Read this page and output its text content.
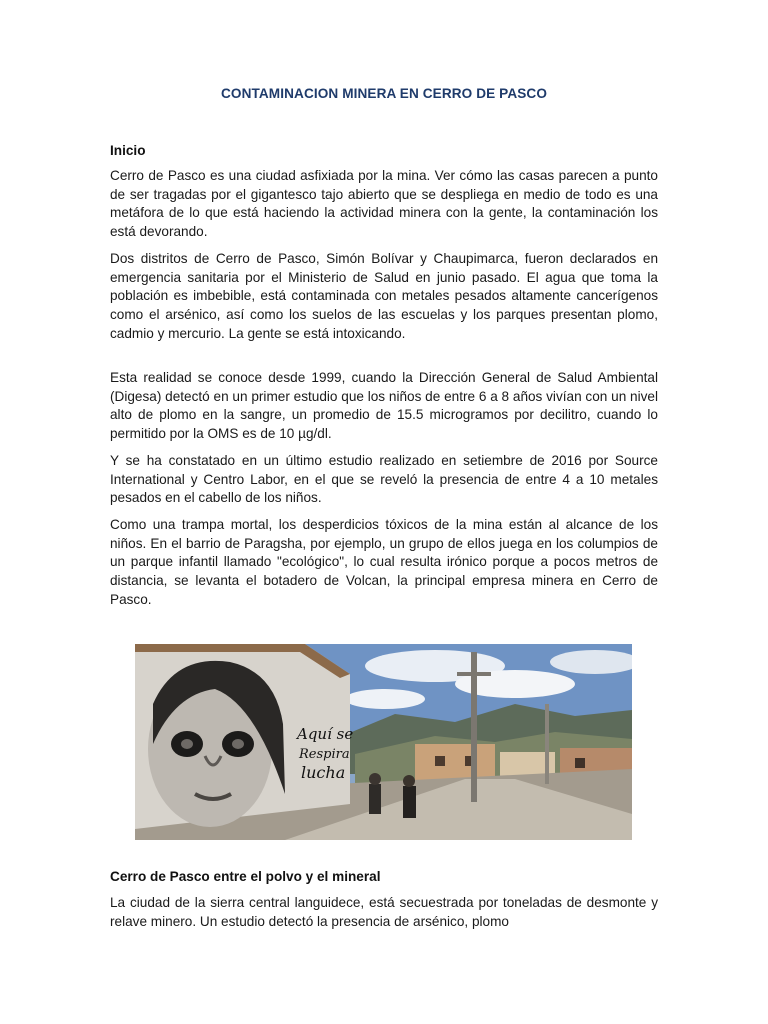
CONTAMINACION MINERA EN CERRO DE PASCO
Inicio
Cerro de Pasco es una ciudad asfixiada por la mina. Ver cómo las casas parecen a punto de ser tragadas por el gigantesco tajo abierto que se despliega en medio de todo es una metáfora de lo que está haciendo la actividad minera con la gente, la contaminación los está devorando.
Dos distritos de Cerro de Pasco, Simón Bolívar y Chaupimarca, fueron declarados en emergencia sanitaria por el Ministerio de Salud en junio pasado. El agua que toma la población es imbebible, está contaminada con metales pesados altamente cancerígenos como el arsénico, así como los suelos de las escuelas y los parques presentan plomo, cadmio y mercurio. La gente se está intoxicando.
Esta realidad se conoce desde 1999, cuando la Dirección General de Salud Ambiental (Digesa) detectó en un primer estudio que los niños de entre 6 a 8 años vivían con un nivel alto de plomo en la sangre, un promedio de 15.5 microgramos por decilitro, cuando lo permitido por la OMS es de 10 µg/dl.
Y se ha constatado en un último estudio realizado en setiembre de 2016 por Source International y Centro Labor, en el que se reveló la presencia de entre 4 a 10 metales pesados en el cabello de los niños.
Como una trampa mortal, los desperdicios tóxicos de la mina están al alcance de los niños. En el barrio de Paragsha, por ejemplo, un grupo de ellos juega en los columpios de un parque infantil llamado "ecológico", lo cual resulta irónico porque a pocos metros de distancia, se levanta el botadero de Volcan, la principal empresa minera en Cerro de Pasco.
Aquí se
Respira
lucha
Cerro de Pasco entre el polvo y el mineral
La ciudad de la sierra central languidece, está secuestrada por toneladas de desmonte y relave minero. Un estudio detectó la presencia de arsénico, plomo
